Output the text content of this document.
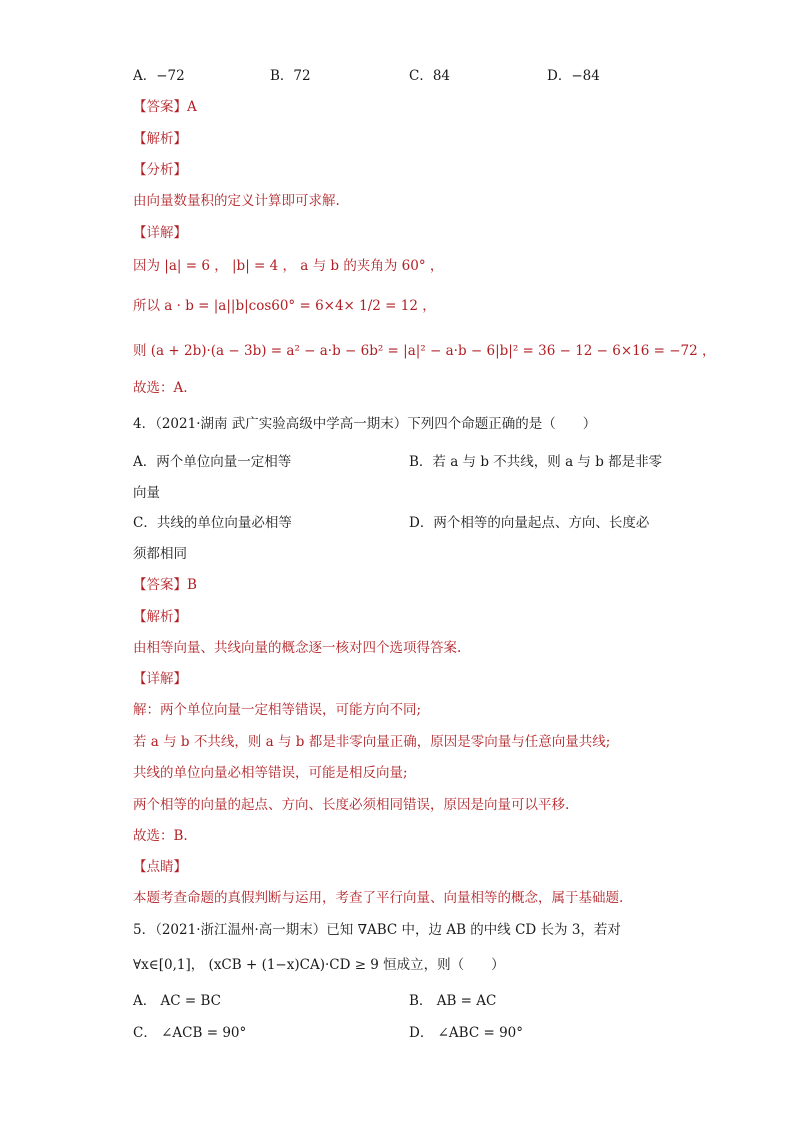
A．−72	B．72	C．84	D．−84
【答案】A
【解析】
【分析】
由向量数量积的定义计算即可求解.
【详解】
因为 |a| = 6 ， |b| = 4 ， a 与 b 的夹角为 60° ，
所以 a · b = |a||b|cos60° = 6×4× 1/2 = 12 ，
则 (a + 2b)·(a − 3b) = a² − a·b − 6b² = |a|² − a·b − 6|b|² = 36 − 12 − 6×16 = −72 ，
故选：A.
4．（2021·湖南 武广实验高级中学高一期末）下列四个命题正确的是（　　）
A．两个单位向量一定相等	B．若 a 与 b 不共线，则 a 与 b 都是非零
向量
C．共线的单位向量必相等	D．两个相等的向量起点、方向、长度必
须都相同
【答案】B
【解析】
由相等向量、共线向量的概念逐一核对四个选项得答案.
【详解】
解：两个单位向量一定相等错误，可能方向不同;
若 a 与 b 不共线，则 a 与 b 都是非零向量正确，原因是零向量与任意向量共线;
共线的单位向量必相等错误，可能是相反向量;
两个相等的向量的起点、方向、长度必须相同错误，原因是向量可以平移.
故选：B.
【点睛】
本题考查命题的真假判断与运用，考查了平行向量、向量相等的概念，属于基础题.
5．（2021·浙江温州·高一期末）已知 ∇ABC 中，边 AB 的中线 CD 长为 3，若对
∀x∈[0,1]， (xCB + (1−x)CA)·CD ≥ 9 恒成立，则（　　）
A． AC = BC	B． AB = AC
C． ∠ACB = 90°	D． ∠ABC = 90°
